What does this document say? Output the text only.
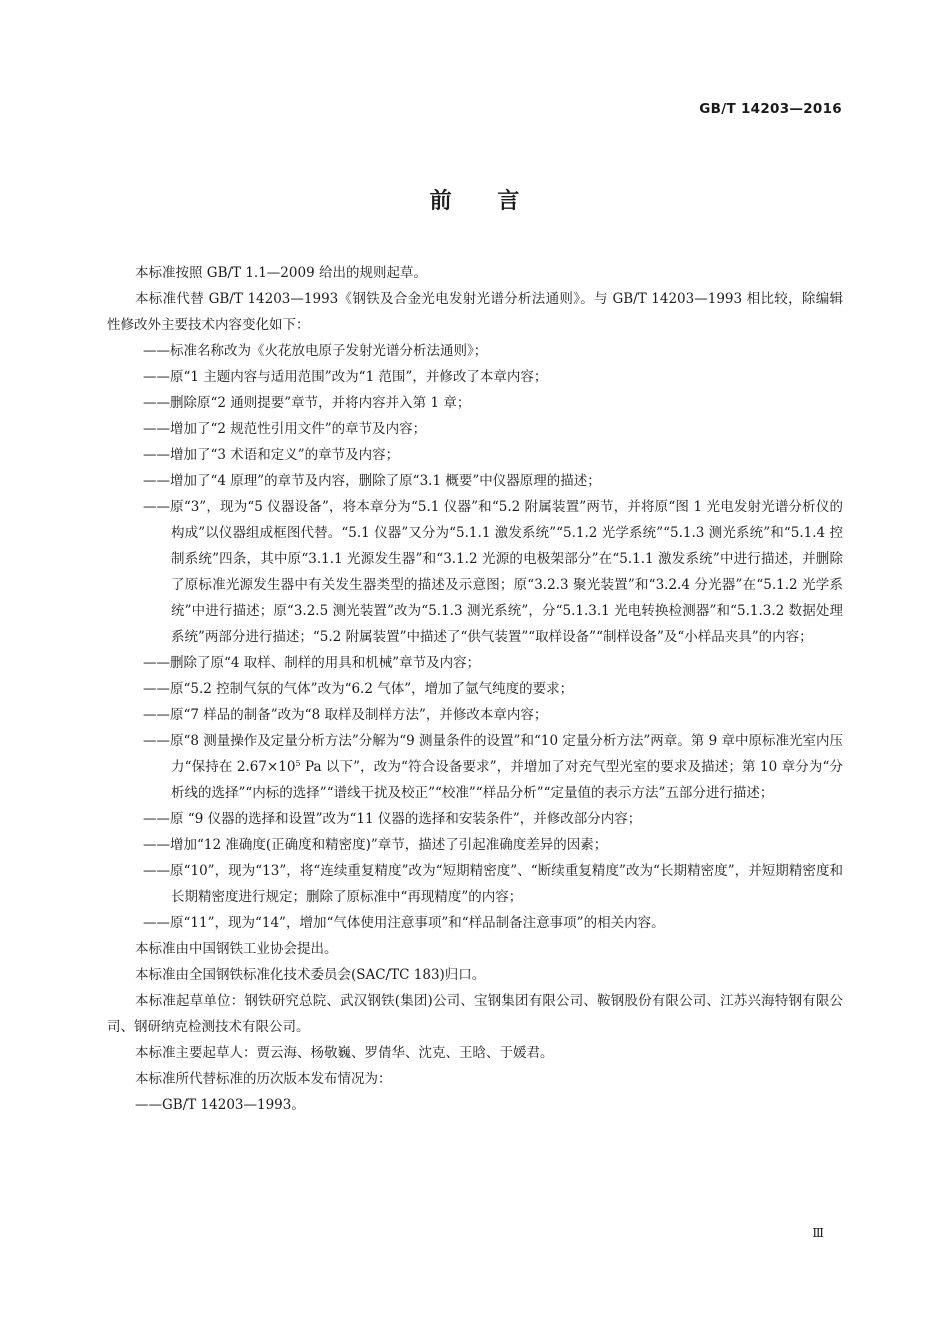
GB/T 14203—2016
前 言

本标准按照 GB/T 1.1—2009 给出的规则起草。

本标准代替 GB/T 14203—1993《钢铁及合金光电发射光谱分析法通则》。与 GB/T 14203—1993 相比较，除编辑性修改外主要技术内容变化如下：

——标准名称改为《火花放电原子发射光谱分析法通则》；

——原“1 主题内容与适用范围”改为“1 范围”，并修改了本章内容；

——删除原“2 通则提要”章节，并将内容并入第 1 章；

——增加了“2 规范性引用文件”的章节及内容；

——增加了“3 术语和定义”的章节及内容；

——增加了“4 原理”的章节及内容，删除了原“3.1 概要”中仪器原理的描述；

——原“3”，现为“5 仪器设备”，将本章分为“5.1 仪器”和“5.2 附属装置”两节，并将原“图 1 光电发射光谱分析仪的构成”以仪器组成框图代替。“5.1 仪器”又分为“5.1.1 激发系统”“5.1.2 光学系统”“5.1.3 测光系统”和“5.1.4 控制系统”四条，其中原“3.1.1 光源发生器”和“3.1.2 光源的电极架部分”在“5.1.1 激发系统”中进行描述，并删除了原标准光源发生器中有关发生器类型的描述及示意图；原“3.2.3 聚光装置”和“3.2.4 分光器”在“5.1.2 光学系统”中进行描述；原“3.2.5 测光装置”改为“5.1.3 测光系统”，分“5.1.3.1 光电转换检测器”和“5.1.3.2 数据处理系统”两部分进行描述；“5.2 附属装置”中描述了“供气装置”“取样设备”“制样设备”及“小样品夹具”的内容；

——删除了原“4 取样、制样的用具和机械”章节及内容；

——原“5.2 控制气氛的气体”改为“6.2 气体”，增加了氩气纯度的要求；

——原“7 样品的制备”改为“8 取样及制样方法”，并修改本章内容；

——原“8 测量操作及定量分析方法”分解为“9 测量条件的设置”和“10 定量分析方法”两章。第 9 章中原标准光室内压力“保持在 $2.67\times 10^5$ Pa 以下”，改为“符合设备要求”，并增加了对充气型光室的要求及描述；第 10 章分为“分析线的选择”“内标的选择”“谱线干扰及校正”“校准”“样品分析”“定量值的表示方法”五部分进行描述；

——原 “9 仪器的选择和设置”改为“11 仪器的选择和安装条件”，并修改部分内容；

——增加“12 准确度(正确度和精密度)”章节，描述了引起准确度差异的因素；

——原“10”，现为“13”，将“连续重复精度”改为“短期精密度”、“断续重复精度”改为“长期精密度”，并短期精密度和长期精密度进行规定；删除了原标准中“再现精度”的内容；

——原“11”，现为“14”，增加“气体使用注意事项”和“样品制备注意事项”的相关内容。

本标准由中国钢铁工业协会提出。

本标准由全国钢铁标准化技术委员会(SAC/TC 183)归口。

本标准起草单位：钢铁研究总院、武汉钢铁(集团)公司、宝钢集团有限公司、鞍钢股份有限公司、江苏兴海特钢有限公司、钢研纳克检测技术有限公司。

本标准主要起草人：贾云海、杨敬巍、罗倩华、沈克、王晗、于媛君。

本标准所代替标准的历次版本发布情况为：

——GB/T 14203—1993。

Ⅲ
